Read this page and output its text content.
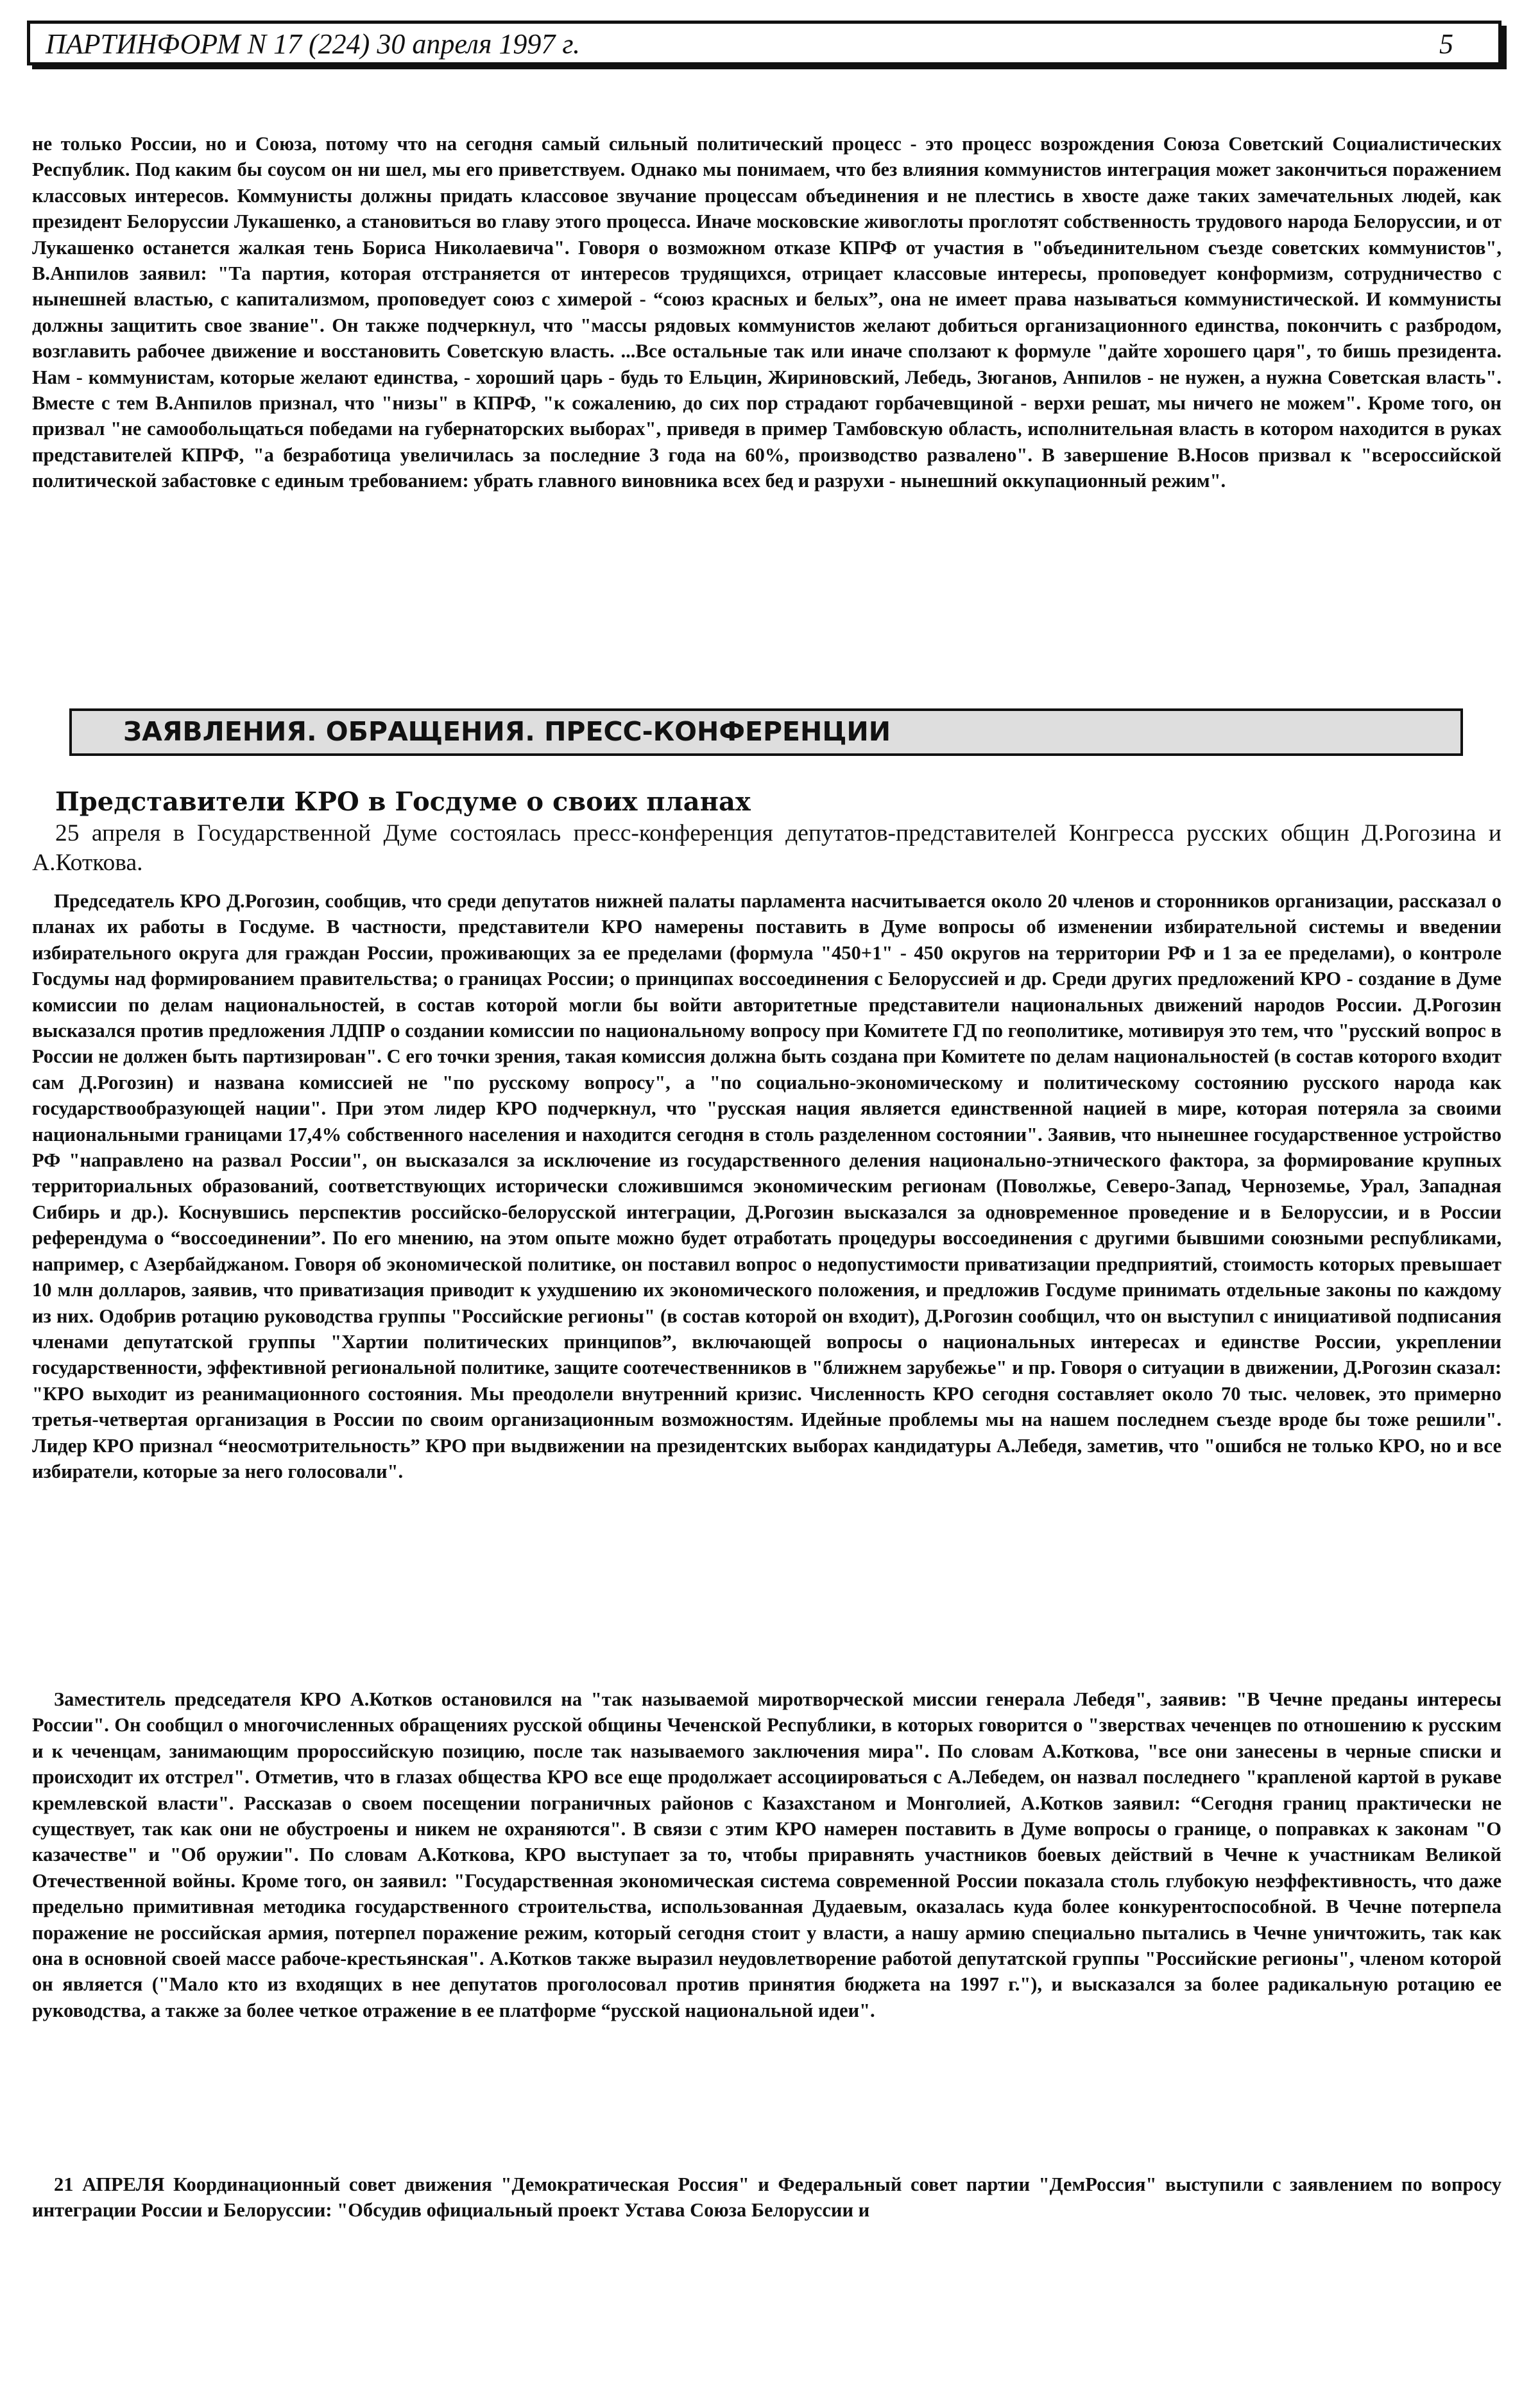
ПАРТИНФОРМ N 17 (224) 30 апреля 1997 г.	5

не только России, но и Союза, потому что на сегодня самый сильный политический процесс - это процесс возрождения Союза Советский Социалистических Республик. Под каким бы соусом он ни шел, мы его приветствуем. Однако мы понимаем, что без влияния коммунистов интеграция может закончиться поражением классовых интересов. Коммунисты должны придать классовое звучание процессам объединения и не плестись в хвосте даже таких замечательных людей, как президент Белоруссии Лукашенко, а становиться во главу этого процесса. Иначе московские живоглоты проглотят собственность трудового народа Белоруссии, и от Лукашенко останется жалкая тень Бориса Николаевича". Говоря о возможном отказе КПРФ от участия в "объединительном съезде советских коммунистов", В.Анпилов заявил: "Та партия, которая отстраняется от интересов трудящихся, отрицает классовые интересы, проповедует конформизм, сотрудничество с нынешней властью, с капитализмом, проповедует союз с химерой - “союз красных и белых”, она не имеет права называться коммунистической. И коммунисты должны защитить свое звание". Он также подчеркнул, что "массы рядовых коммунистов желают добиться организационного единства, покончить с разбродом, возглавить рабочее движение и восстановить Советскую власть. ...Все остальные так или иначе сползают к формуле "дайте хорошего царя", то бишь президента. Нам - коммунистам, которые желают единства, - хороший царь - будь то Ельцин, Жириновский, Лебедь, Зюганов, Анпилов - не нужен, а нужна Советская власть". Вместе с тем В.Анпилов признал, что "низы" в КПРФ, "к сожалению, до сих пор страдают горбачевщиной - верхи решат, мы ничего не можем". Кроме того, он призвал "не самообольщаться победами на губернаторских выборах", приведя в пример Тамбовскую область, исполнительная власть в котором находится в руках представителей КПРФ, "а безработица увеличилась за последние 3 года на 60%, производство развалено". В завершение В.Носов призвал к "всероссийской политической забастовке с единым требованием: убрать главного виновника всех бед и разрухи - нынешний оккупационный режим".

ЗАЯВЛЕНИЯ. ОБРАЩЕНИЯ. ПРЕСС-КОНФЕРЕНЦИИ
Представители КРО в Госдуме о своих планах

25 апреля в Государственной Думе состоялась пресс-конференция депутатов-представителей Конгресса русских общин Д.Рогозина и А.Коткова.

Председатель КРО Д.Рогозин, сообщив, что среди депутатов нижней палаты парламента насчитывается около 20 членов и сторонников организации, рассказал о планах их работы в Госдуме. В частности, представители КРО намерены поставить в Думе вопросы об изменении избирательной системы и введении избирательного округа для граждан России, проживающих за ее пределами (формула "450+1" - 450 округов на территории РФ и 1 за ее пределами), о контроле Госдумы над формированием правительства; о границах России; о принципах воссоединения с Белоруссией и др. Среди других предложений КРО - создание в Думе комиссии по делам национальностей, в состав которой могли бы войти авторитетные представители национальных движений народов России. Д.Рогозин высказался против предложения ЛДПР о создании комиссии по национальному вопросу при Комитете ГД по геополитике, мотивируя это тем, что "русский вопрос в России не должен быть партизирован". С его точки зрения, такая комиссия должна быть создана при Комитете по делам национальностей (в состав которого входит сам Д.Рогозин) и названа комиссией не "по русскому вопросу", а "по социально-экономическому и политическому состоянию русского народа как государствообразующей нации". При этом лидер КРО подчеркнул, что "русская нация является единственной нацией в мире, которая потеряла за своими национальными границами 17,4% собственного населения и находится сегодня в столь разделенном состоянии". Заявив, что нынешнее государственное устройство РФ "направлено на развал России", он высказался за исключение из государственного деления национально-этнического фактора, за формирование крупных территориальных образований, соответствующих исторически сложившимся экономическим регионам (Поволжье, Северо-Запад, Черноземье, Урал, Западная Сибирь и др.). Коснувшись перспектив российско-белорусской интеграции, Д.Рогозин высказался за одновременное проведение и в Белоруссии, и в России референдума о “воссоединении”. По его мнению, на этом опыте можно будет отработать процедуры воссоединения с другими бывшими союзными республиками, например, с Азербайджаном. Говоря об экономической политике, он поставил вопрос о недопустимости приватизации предприятий, стоимость которых превышает 10 млн долларов, заявив, что приватизация приводит к ухудшению их экономического положения, и предложив Госдуме принимать отдельные законы по каждому из них. Одобрив ротацию руководства группы "Российские регионы" (в состав которой он входит), Д.Рогозин сообщил, что он выступил с инициативой подписания членами депутатской группы "Хартии политических принципов”, включающей вопросы о национальных интересах и единстве России, укреплении государственности, эффективной региональной политике, защите соотечественников в "ближнем зарубежье" и пр. Говоря о ситуации в движении, Д.Рогозин сказал: "КРО выходит из реанимационного состояния. Мы преодолели внутренний кризис. Численность КРО сегодня составляет около 70 тыс. человек, это примерно третья-четвертая организация в России по своим организационным возможностям. Идейные проблемы мы на нашем последнем съезде вроде бы тоже решили". Лидер КРО признал “неосмотрительность” КРО при выдвижении на президентских выборах кандидатуры А.Лебедя, заметив, что "ошибся не только КРО, но и все избиратели, которые за него голосовали".

Заместитель председателя КРО А.Котков остановился на "так называемой миротворческой миссии генерала Лебедя", заявив: "В Чечне преданы интересы России". Он сообщил о многочисленных обращениях русской общины Чеченской Республики, в которых говорится о "зверствах чеченцев по отношению к русским и к чеченцам, занимающим пророссийскую позицию, после так называемого заключения мира". По словам А.Коткова, "все они занесены в черные списки и происходит их отстрел". Отметив, что в глазах общества КРО все еще продолжает ассоциироваться с А.Лебедем, он назвал последнего "крапленой картой в рукаве кремлевской власти". Рассказав о своем посещении пограничных районов с Казахстаном и Монголией, А.Котков заявил: “Сегодня границ практически не существует, так как они не обустроены и никем не охраняются". В связи с этим КРО намерен поставить в Думе вопросы о границе, о поправках к законам "О казачестве" и "Об оружии". По словам А.Коткова, КРО выступает за то, чтобы приравнять участников боевых действий в Чечне к участникам Великой Отечественной войны. Кроме того, он заявил: "Государственная экономическая система современной России показала столь глубокую неэффективность, что даже предельно примитивная методика государственного строительства, использованная Дудаевым, оказалась куда более конкурентоспособной. В Чечне потерпела поражение не российская армия, потерпел поражение режим, который сегодня стоит у власти, а нашу армию специально пытались в Чечне уничтожить, так как она в основной своей массе рабоче-крестьянская". А.Котков также выразил неудовлетворение работой депутатской группы "Российские регионы", членом которой он является ("Мало кто из входящих в нее депутатов проголосовал против принятия бюджета на 1997 г."), и высказался за более радикальную ротацию ее руководства, а также за более четкое отражение в ее платформе “русской национальной идеи".

21 АПРЕЛЯ Координационный совет движения "Демократическая Россия" и Федеральный совет партии "ДемРоссия" выступили с заявлением по вопросу интеграции России и Белоруссии: "Обсудив официальный проект Устава Союза Белоруссии и
